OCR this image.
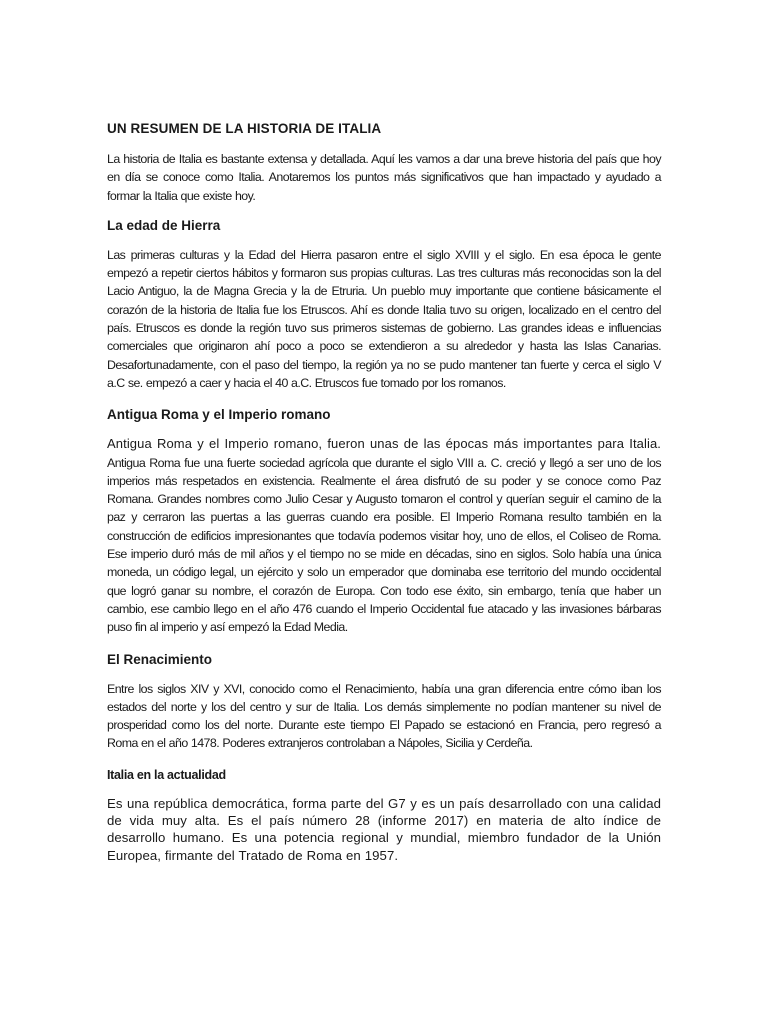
UN RESUMEN DE LA HISTORIA DE ITALIA

La historia de Italia es bastante extensa y detallada. Aquí les vamos a dar una breve historia del país que hoy en día se conoce como Italia. Anotaremos los puntos más significativos que han impactado y ayudado a formar la Italia que existe hoy.

La edad de Hierra

Las primeras culturas y la Edad del Hierra pasaron entre el siglo XVIII y el siglo. En esa época le gente empezó a repetir ciertos hábitos y formaron sus propias culturas. Las tres culturas más reconocidas son la del Lacio Antiguo, la de Magna Grecia y la de Etruria. Un pueblo muy importante que contiene básicamente el corazón de la historia de Italia fue los Etruscos. Ahí es donde Italia tuvo su origen, localizado en el centro del país. Etruscos es donde la región tuvo sus primeros sistemas de gobierno. Las grandes ideas e influencias comerciales que originaron ahí poco a poco se extendieron a su alrededor y hasta las Islas Canarias. Desafortunadamente, con el paso del tiempo, la región ya no se pudo mantener tan fuerte y cerca el siglo V a.C se. empezó a caer y hacia el 40 a.C. Etruscos fue tomado por los romanos.

Antigua Roma y el Imperio romano

Antigua Roma y el Imperio romano, fueron unas de las épocas más importantes para Italia. Antigua Roma fue una fuerte sociedad agrícola que durante el siglo VIII a. C. creció y llegó a ser uno de los imperios más respetados en existencia. Realmente el área disfrutó de su poder y se conoce como Paz Romana. Grandes nombres como Julio Cesar y Augusto tomaron el control y querían seguir el camino de la paz y cerraron las puertas a las guerras cuando era posible. El Imperio Romana resulto también en la construcción de edificios impresionantes que todavía podemos visitar hoy, uno de ellos, el Coliseo de Roma. Ese imperio duró más de mil años y el tiempo no se mide en décadas, sino en siglos. Solo había una única moneda, un código legal, un ejército y solo un emperador que dominaba ese territorio del mundo occidental que logró ganar su nombre, el corazón de Europa. Con todo ese éxito, sin embargo, tenía que haber un cambio, ese cambio llego en el año 476 cuando el Imperio Occidental fue atacado y las invasiones bárbaras puso fin al imperio y así empezó la Edad Media.

El Renacimiento

Entre los siglos XIV y XVI, conocido como el Renacimiento, había una gran diferencia entre cómo iban los estados del norte y los del centro y sur de Italia. Los demás simplemente no podían mantener su nivel de prosperidad como los del norte. Durante este tiempo El Papado se estacionó en Francia, pero regresó a Roma en el año 1478. Poderes extranjeros controlaban a Nápoles, Sicilia y Cerdeña.

Italia en la actualidad

Es una república democrática, forma parte del G7 y es un país desarrollado con una calidad de vida muy alta. Es el país número 28 (informe 2017) en materia de alto índice de desarrollo humano. Es una potencia regional y mundial, miembro fundador de la Unión Europea, firmante del Tratado de Roma en 1957.
